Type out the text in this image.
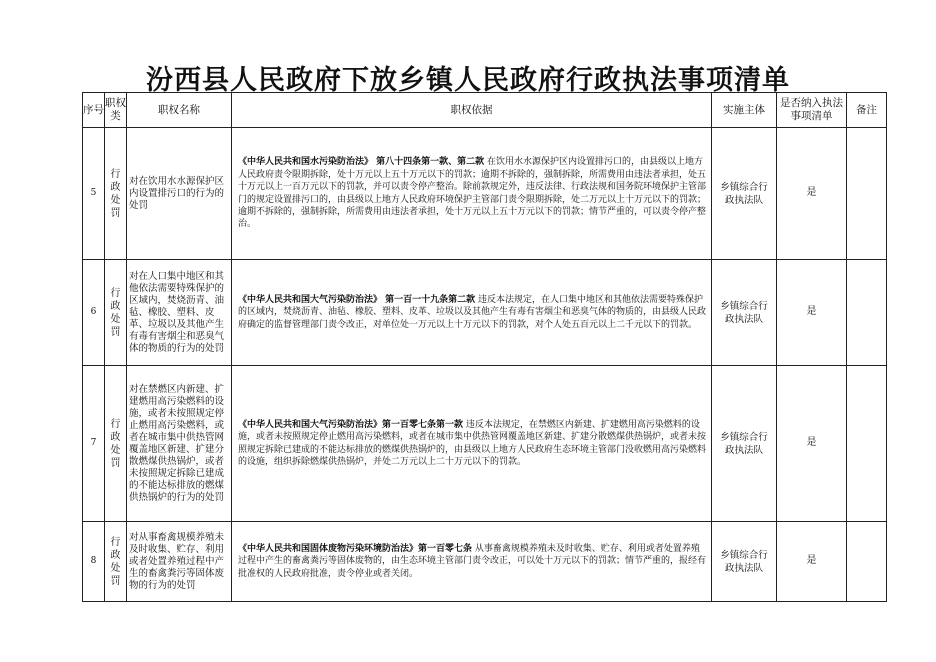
汾西县人民政府下放乡镇人民政府行政执法事项清单
序号	职权类	职权名称	职权依据	实施主体	是否纳入执法事项清单	备注
5	行政处罚	对在饮用水水源保护区内设置排污口的行为的处罚	《中华人民共和国水污染防治法》 第八十四条第一款、第二款 在饮用水水源保护区内设置排污口的，由县级以上地方人民政府责令限期拆除，处十万元以上五十万元以下的罚款；逾期不拆除的，强制拆除，所需费用由违法者承担，处五十万元以上一百万元以下的罚款，并可以责令停产整治。除前款规定外，违反法律、行政法规和国务院环境保护主管部门的规定设置排污口的，由县级以上地方人民政府环境保护主管部门责令限期拆除，处二万元以上十万元以下的罚款；逾期不拆除的，强制拆除，所需费用由违法者承担，处十万元以上五十万元以下的罚款；情节严重的，可以责令停产整治。	乡镇综合行政执法队	是	
6	行政处罚	对在人口集中地区和其他依法需要特殊保护的区域内，焚烧沥青、油毡、橡胶、塑料、皮革、垃圾以及其他产生有毒有害烟尘和恶臭气体的物质的行为的处罚	《中华人民共和国大气污染防治法》 第一百一十九条第二款 违反本法规定，在人口集中地区和其他依法需要特殊保护的区域内，焚烧沥青、油毡、橡胶、塑料、皮革、垃圾以及其他产生有毒有害烟尘和恶臭气体的物质的，由县级人民政府确定的监督管理部门责令改正，对单位处一万元以上十万元以下的罚款，对个人处五百元以上二千元以下的罚款。	乡镇综合行政执法队	是	
7	行政处罚	对在禁燃区内新建、扩建燃用高污染燃料的设施，或者未按照规定停止燃用高污染燃料，或者在城市集中供热管网覆盖地区新建、扩建分散燃煤供热锅炉，或者未按照规定拆除已建成的不能达标排放的燃煤供热锅炉的行为的处罚	《中华人民共和国大气污染防治法》第一百零七条第一款 违反本法规定，在禁燃区内新建、扩建燃用高污染燃料的设施，或者未按照规定停止燃用高污染燃料，或者在城市集中供热管网覆盖地区新建、扩建分散燃煤供热锅炉，或者未按照规定拆除已建成的不能达标排放的燃煤供热锅炉的，由县级以上地方人民政府生态环境主管部门没收燃用高污染燃料的设施，组织拆除燃煤供热锅炉，并处二万元以上二十万元以下的罚款。	乡镇综合行政执法队	是	
8	行政处罚	对从事畜禽规模养殖未及时收集、贮存、利用或者处置养殖过程中产生的畜禽粪污等固体废物的行为的处罚	《中华人民共和国固体废物污染环境防治法》第一百零七条 从事畜禽规模养殖未及时收集、贮存、利用或者处置养殖过程中产生的畜禽粪污等固体废物的，由生态环境主管部门责令改正，可以处十万元以下的罚款；情节严重的，报经有批准权的人民政府批准，责令停业或者关闭。	乡镇综合行政执法队	是	
